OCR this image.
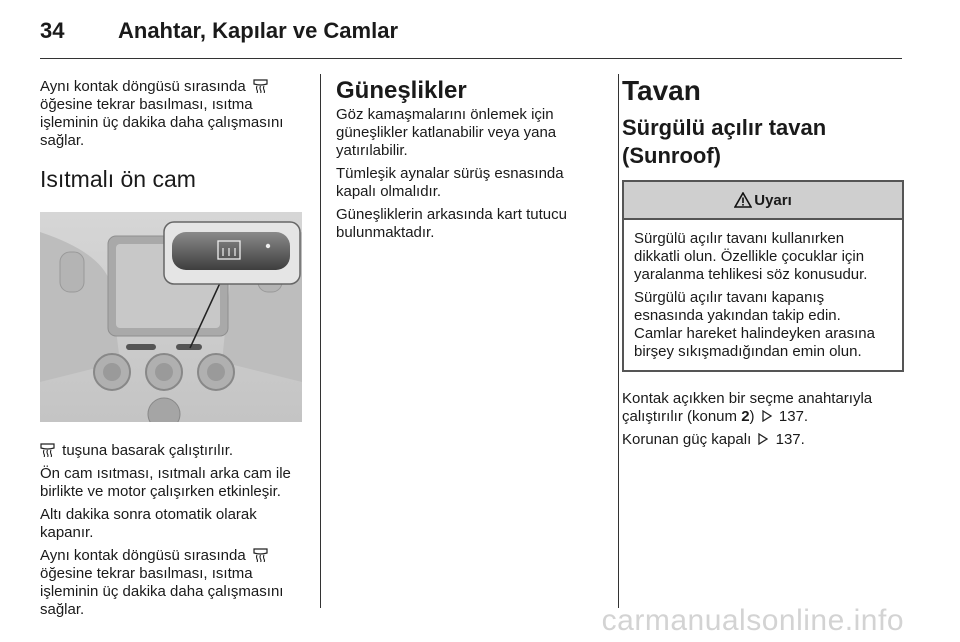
34 Anahtar, Kapılar ve Camlar

Aynı kontak döngüsü sırasında  öğesine tekrar basılması, ısıtma işleminin üç dakika daha çalışmasını sağlar.

Isıtmalı ön cam

tuşuna basarak çalıştırılır.

Ön cam ısıtması, ısıtmalı arka cam ile birlikte ve motor çalışırken etkinleşir.

Altı dakika sonra otomatik olarak kapanır.

Aynı kontak döngüsü sırasında  öğesine tekrar basılması, ısıtma işleminin üç dakika daha çalışmasını sağlar.

Güneşlikler

Göz kamaşmalarını önlemek için güneşlikler katlanabilir veya yana yatırılabilir.

Tümleşik aynalar sürüş esnasında kapalı olmalıdır.

Güneşliklerin arkasında kart tutucu bulunmaktadır.

Tavan
Sürgülü açılır tavan (Sunroof)
Uyarı

Sürgülü açılır tavanı kullanırken dikkatli olun. Özellikle çocuklar için yaralanma tehlikesi söz konusudur.

Sürgülü açılır tavanı kapanış esnasında yakından takip edin. Camlar hareket halindeyken arasına birşey sıkışmadığından emin olun.

Kontak açıkken bir seçme anahtarıyla çalıştırılır (konum 2) 137.

Korunan güç kapalı 137.

carmanualsonline.info
